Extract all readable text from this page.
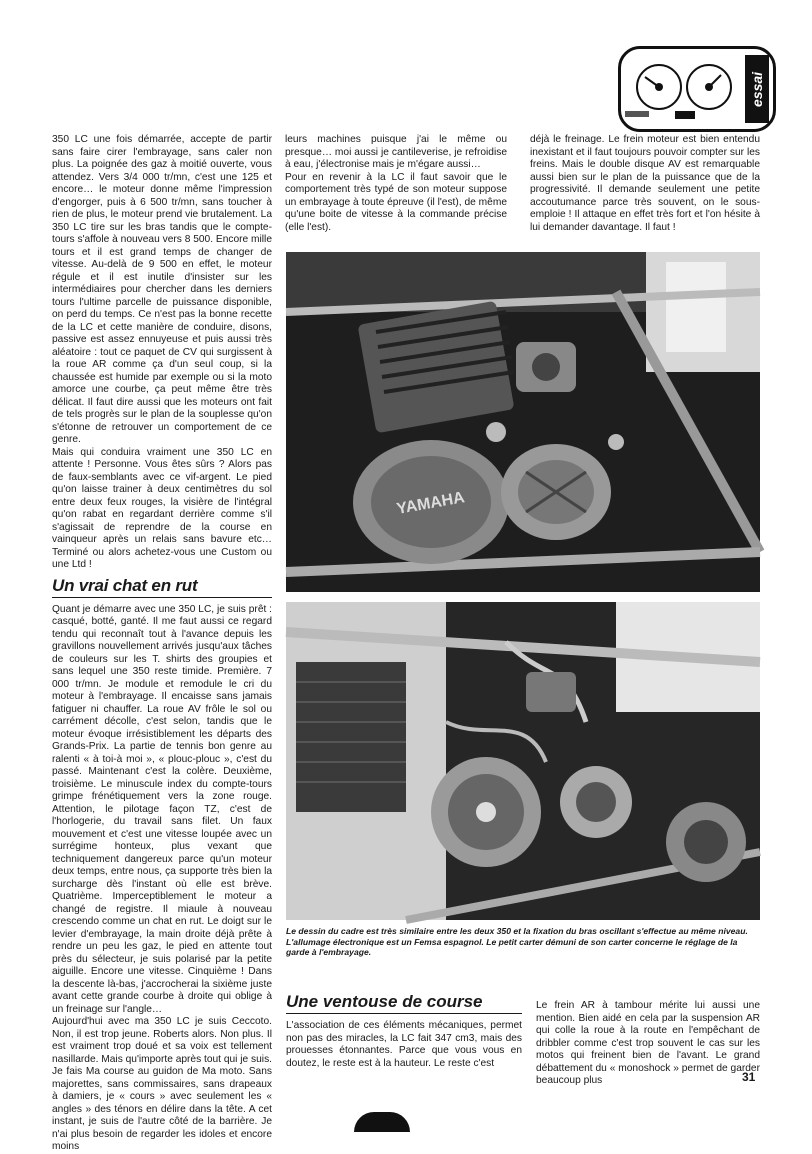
essai

350 LC une fois démarrée, accepte de partir sans faire cirer l'embrayage, sans caler non plus. La poignée des gaz à moitié ouverte, vous attendez. Vers 3/4 000 tr/mn, c'est une 125 et encore… le moteur donne même l'impression d'engorger, puis à 6 500 tr/mn, sans toucher à rien de plus, le moteur prend vie brutalement. La 350 LC tire sur les bras tandis que le compte-tours s'affole à nouveau vers 8 500. Encore mille tours et il est grand temps de changer de vitesse. Au-delà de 9 500 en effet, le moteur régule et il est inutile d'insister sur les intermédiaires pour chercher dans les derniers tours l'ultime parcelle de puissance disponible, on perd du temps. Ce n'est pas la bonne recette de la LC et cette manière de conduire, disons, passive est assez ennuyeuse et puis aussi très aléatoire : tout ce paquet de CV qui surgissent à la roue AR comme ça d'un seul coup, si la chaussée est humide par exemple ou si la moto amorce une courbe, ça peut même être très délicat. Il faut dire aussi que les moteurs ont fait de tels progrès sur le plan de la souplesse qu'on s'étonne de retrouver un comportement de ce genre.

Mais qui conduira vraiment une 350 LC en attente ! Personne. Vous êtes sûrs ? Alors pas de faux-semblants avec ce vif-argent. Le pied qu'on laisse trainer à deux centimètres du sol entre deux feux rouges, la visière de l'intégral qu'on rabat en regardant derrière comme s'il s'agissait de reprendre de la course en vainqueur après un relais sans bavure etc… Terminé ou alors achetez-vous une Custom ou une Ltd !

Un vrai chat en rut

Quant je démarre avec une 350 LC, je suis prêt : casqué, botté, ganté. Il me faut aussi ce regard tendu qui reconnaît tout à l'avance depuis les gravillons nouvellement arrivés jusqu'aux tâches de couleurs sur les T. shirts des groupies et sans lequel une 350 reste timide. Première. 7 000 tr/mn. Je module et remodule le cri du moteur à l'embrayage. Il encaisse sans jamais fatiguer ni chauffer. La roue AV frôle le sol ou carrément décolle, c'est selon, tandis que le moteur évoque irrésistiblement les départs des Grands-Prix. La partie de tennis bon genre au ralenti « à toi-à moi », « plouc-plouc », c'est du passé. Maintenant c'est la colère. Deuxième, troisième. Le minuscule index du compte-tours grimpe frénétiquement vers la zone rouge. Attention, le pilotage façon TZ, c'est de l'horlogerie, du travail sans filet. Un faux mouvement et c'est une vitesse loupée avec un surrégime honteux, plus vexant que techniquement dangereux parce qu'un moteur deux temps, entre nous, ça supporte très bien la surcharge dès l'instant où elle est brève. Quatrième. Imperceptiblement le moteur a changé de registre. Il miaule à nouveau crescendo comme un chat en rut. Le doigt sur le levier d'embrayage, la main droite déjà prête à rendre un peu les gaz, le pied en attente tout près du sélecteur, je suis polarisé par la petite aiguille. Encore une vitesse. Cinquième ! Dans la descente là-bas, j'accrocherai la sixième juste avant cette grande courbe à droite qui oblige à un freinage sur l'angle…

Aujourd'hui avec ma 350 LC je suis Ceccoto. Non, il est trop jeune. Roberts alors. Non plus. Il est vraiment trop doué et sa voix est tellement nasillarde. Mais qu'importe après tout qui je suis. Je fais Ma course au guidon de Ma moto. Sans majorettes, sans commissaires, sans drapeaux à damiers, je « cours » avec seulement les « angles » des ténors en délire dans la tête. A cet instant, je suis de l'autre côté de la barrière. Je n'ai plus besoin de regarder les idoles et encore moins

leurs machines puisque j'ai le même ou presque… moi aussi je cantileverise, je refroidise à eau, j'électronise mais je m'égare aussi…

Pour en revenir à la LC il faut savoir que le comportement très typé de son moteur suppose un embrayage à toute épreuve (il l'est), de même qu'une boite de vitesse à la commande précise (elle l'est).

déjà le freinage. Le frein moteur est bien entendu inexistant et il faut toujours pouvoir compter sur les freins. Mais le double disque AV est remarquable aussi bien sur le plan de la puissance que de la progressivité. Il demande seulement une petite accoutumance parce très souvent, on le sous-emploie ! Il attaque en effet très fort et l'on hésite à lui demander davantage. Il faut !

YAMAHA

Le dessin du cadre est très similaire entre les deux 350 et la fixation du bras oscillant s'effectue au même niveau.

L'allumage électronique est un Femsa espagnol. Le petit carter démuni de son carter concerne le réglage de la garde à l'embrayage.

Une ventouse de course

L'association de ces éléments mécaniques, permet non pas des miracles, la LC fait 347 cm3, mais des prouesses étonnantes. Parce que vous vous en doutez, le reste est à la hauteur. Le reste c'est

Le frein AR à tambour mérite lui aussi une mention. Bien aidé en cela par la suspension AR qui colle la roue à la route en l'empêchant de dribbler comme c'est trop souvent le cas sur les motos qui freinent bien de l'avant. Le grand débattement du « monoshock » permet de garder beaucoup plus	31
